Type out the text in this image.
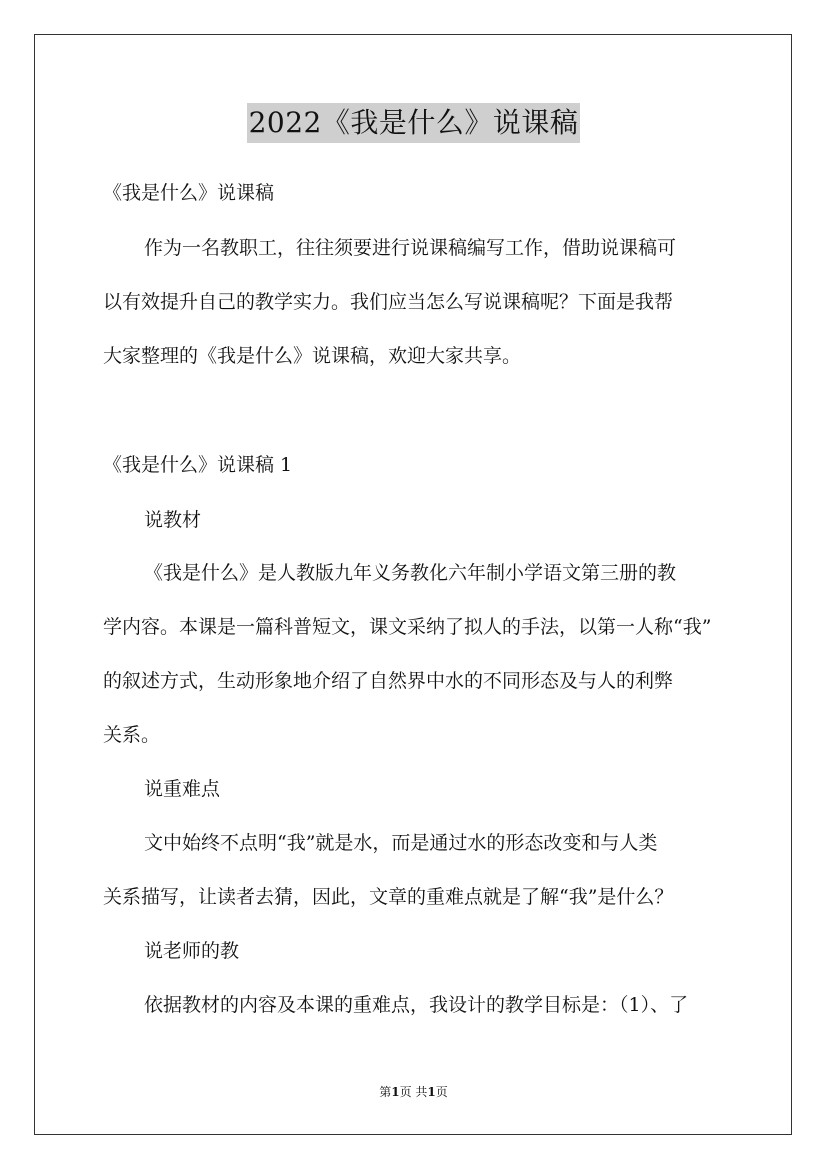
2022《我是什么》说课稿
《我是什么》说课稿
作为一名教职工，往往须要进行说课稿编写工作，借助说课稿可
以有效提升自己的教学实力。我们应当怎么写说课稿呢？下面是我帮
大家整理的《我是什么》说课稿，欢迎大家共享。
《我是什么》说课稿 1
说教材
《我是什么》是人教版九年义务教化六年制小学语文第三册的教
学内容。本课是一篇科普短文，课文采纳了拟人的手法，以第一人称“我”
的叙述方式，生动形象地介绍了自然界中水的不同形态及与人的利弊
关系。
说重难点
文中始终不点明“我”就是水，而是通过水的形态改变和与人类
关系描写，让读者去猜，因此，文章的重难点就是了解“我”是什么？
说老师的教
依据教材的内容及本课的重难点，我设计的教学目标是：（1）、了
第1页 共1页
